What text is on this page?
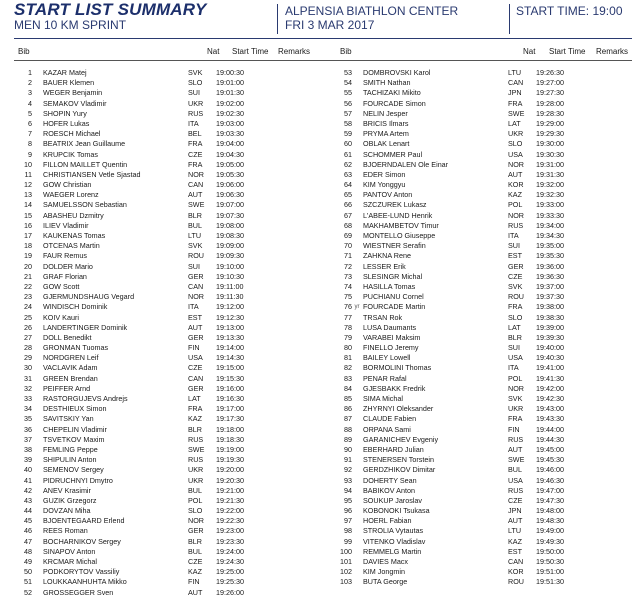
START LIST SUMMARY
MEN 10 KM SPRINT
ALPENSIA BIATHLON CENTER
FRI 3 MAR 2017
START TIME: 19:00
Bib	Nat Start Time Remarks	Bib	Nat Start Time Remarks
1 KAZAR Matej	SVK 19:00:30
2 BAUER Klemen	SLO 19:01:00
3 WEGER Benjamin	SUI 19:01:30
4 SEMAKOV Vladimir	UKR 19:02:00
5 SHOPIN Yury	RUS 19:02:30
6 HOFER Lukas	ITA 19:03:00
7 ROESCH Michael	BEL 19:03:30
8 BEATRIX Jean Guillaume	FRA 19:04:00
9 KRUPCIK Tomas	CZE 19:04:30
10 FILLON MAILLET Quentin	FRA 19:05:00
11 CHRISTIANSEN Vetle Sjastad	NOR 19:05:30
12 GOW Christian	CAN 19:06:00
13 WAEGER Lorenz	AUT 19:06:30
14 SAMUELSSON Sebastian	SWE 19:07:00
15 ABASHEU Dzmitry	BLR 19:07:30
16 ILIEV Vladimir	BUL 19:08:00
17 KAUKENAS Tomas	LTU 19:08:30
18 OTCENAS Martin	SVK 19:09:00
19 FAUR Remus	ROU 19:09:30
20 DOLDER Mario	SUI 19:10:00
21 GRAF Florian	GER 19:10:30
22 GOW Scott	CAN 19:11:00
23 GJERMUNDSHAUG Vegard	NOR 19:11:30
24 WINDISCH Dominik	ITA 19:12:00
25 KOIV Kauri	EST 19:12:30
26 LANDERTINGER Dominik	AUT 19:13:00
27 DOLL Benedikt	GER 19:13:30
28 GRONMAN Tuomas	FIN 19:14:00
29 NORDGREN Leif	USA 19:14:30
30 VACLAVIK Adam	CZE 19:15:00
31 GREEN Brendan	CAN 19:15:30
32 PEIFFER Arnd	GER 19:16:00
33 RASTORGUJEVS Andrejs	LAT 19:16:30
34 DESTHIEUX Simon	FRA 19:17:00
35 SAVITSKIY Yan	KAZ 19:17:30
36 CHEPELIN Vladimir	BLR 19:18:00
37 TSVETKOV Maxim	RUS 19:18:30
38 FEMLING Peppe	SWE 19:19:00
39 SHIPULIN Anton	RUS 19:19:30
40 SEMENOV Sergey	UKR 19:20:00
41 PIDRUCHNYI Dmytro	UKR 19:20:30
42 ANEV Krasimir	BUL 19:21:00
43 GUZIK Grzegorz	POL 19:21:30
44 DOVZAN Miha	SLO 19:22:00
45 BJOENTEGAARD Erlend	NOR 19:22:30
46 REES Roman	GER 19:23:00
47 BOCHARNIKOV Sergey	BLR 19:23:30
48 SINAPOV Anton	BUL 19:24:00
49 KRCMAR Michal	CZE 19:24:30
50 PODKORYTOV Vassiliy	KAZ 19:25:00
51 LOUKKAANHUHTA Mikko	FIN 19:25:30
52 GROSSEGGER Sven	AUT 19:26:00
53 DOMBROVSKI Karol	LTU 19:26:30
54 SMITH Nathan	CAN 19:27:00
55 TACHIZAKI Mikito	JPN 19:27:30
56 FOURCADE Simon	FRA 19:28:00
57 NELIN Jesper	SWE 19:28:30
58 BRICIS Ilmars	LAT 19:29:00
59 PRYMA Artem	UKR 19:29:30
60 OBLAK Lenart	SLO 19:30:00
61 SCHOMMER Paul	USA 19:30:30
62 BJOERNDALEN Ole Einar	NOR 19:31:00
63 EDER Simon	AUT 19:31:30
64 KIM Yonggyu	KOR 19:32:00
65 PANTOV Anton	KAZ 19:32:30
66 SZCZUREK Lukasz	POL 19:33:00
67 L'ABEE-LUND Henrik	NOR 19:33:30
68 MAKHAMBETOV Timur	RUS 19:34:00
69 MONTELLO Giuseppe	ITA 19:34:30
70 WIESTNER Serafin	SUI 19:35:00
71 ZAHKNA Rene	EST 19:35:30
72 LESSER Erik	GER 19:36:00
73 SLESINGR Michal	CZE 19:36:30
74 HASILLA Tomas	SVK 19:37:00
75 PUCHIANU Cornel	ROU 19:37:30
76 FOURCADE Martin	FRA 19:38:00
yr
77 TRSAN Rok	SLO 19:38:30
78 LUSA Daumants	LAT 19:39:00
79 VARABEI Maksim	BLR 19:39:30
80 FINELLO Jeremy	SUI 19:40:00
81 BAILEY Lowell	USA 19:40:30
82 BORMOLINI Thomas	ITA 19:41:00
83 PENAR Rafal	POL 19:41:30
84 GJESBAKK Fredrik	NOR 19:42:00
85 SIMA Michal	SVK 19:42:30
86 ZHYRNYI Oleksander	UKR 19:43:00
87 CLAUDE Fabien	FRA 19:43:30
88 ORPANA Sami	FIN 19:44:00
89 GARANICHEV Evgeniy	RUS 19:44:30
90 EBERHARD Julian	AUT 19:45:00
91 STENERSEN Torstein	SWE 19:45:30
92 GERDZHIKOV Dimitar	BUL 19:46:00
93 DOHERTY Sean	USA 19:46:30
94 BABIKOV Anton	RUS 19:47:00
95 SOUKUP Jaroslav	CZE 19:47:30
96 KOBONOKI Tsukasa	JPN 19:48:00
97 HOERL Fabian	AUT 19:48:30
98 STROLIA Vytautas	LTU 19:49:00
99 VITENKO Vladislav	KAZ 19:49:30
100 REMMELG Martin	EST 19:50:00
101 DAVIES Macx	CAN 19:50:30
102 KIM Jongmin	KOR 19:51:00
103 BUTA George	ROU 19:51:30
